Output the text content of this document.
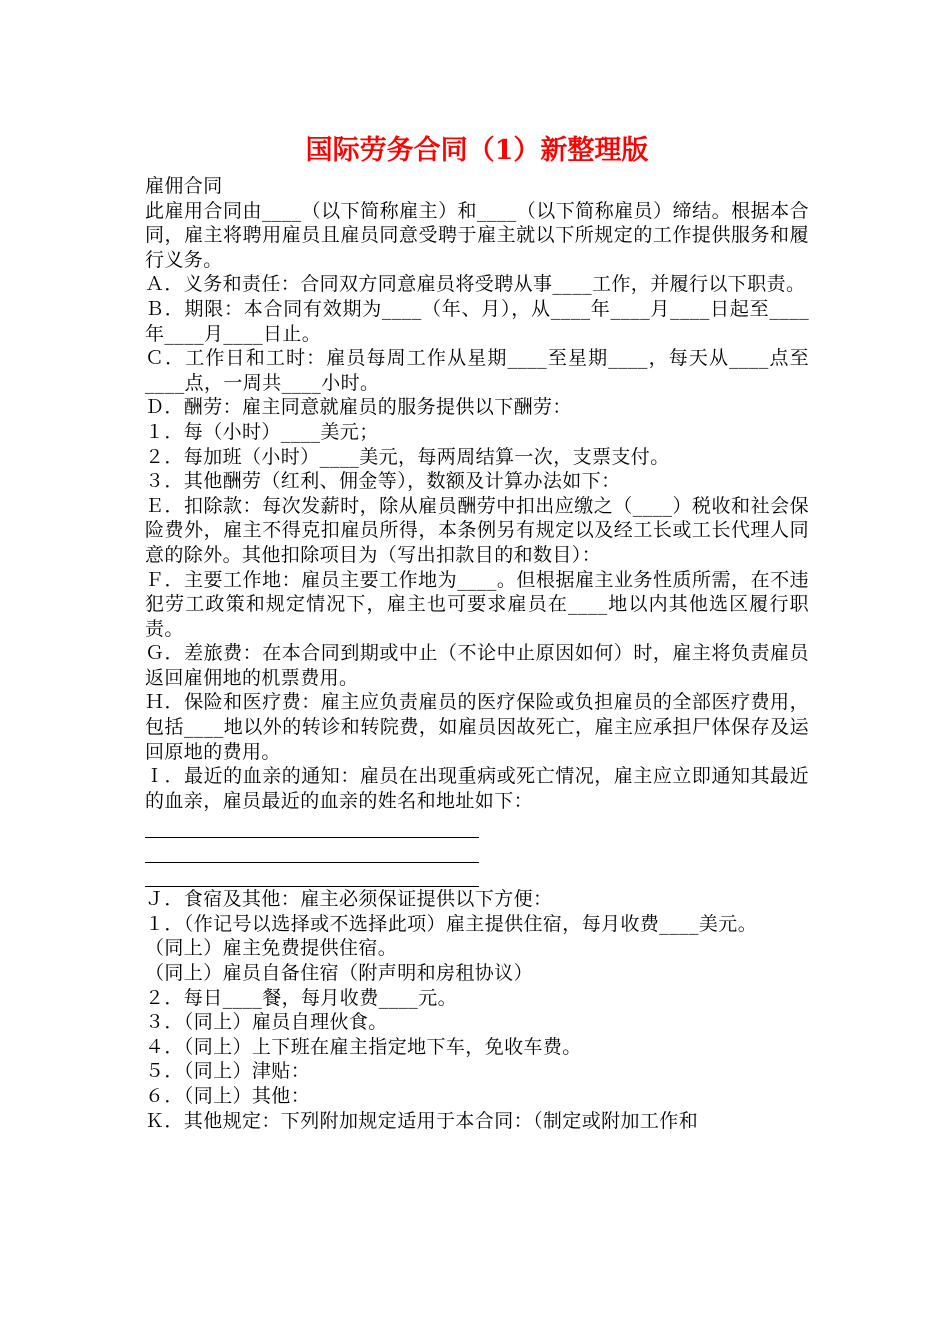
国际劳务合同（1）新整理版

雇佣合同

此雇用合同由____（以下简称雇主）和____（以下简称雇员）缔结。根据本合同，雇主将聘用雇员且雇员同意受聘于雇主就以下所规定的工作提供服务和履行义务。

Ａ．义务和责任：合同双方同意雇员将受聘从事____工作，并履行以下职责。

Ｂ．期限：本合同有效期为____（年、月），从____年____月____日起至____年____月____日止。

Ｃ．工作日和工时：雇员每周工作从星期____至星期____，每天从____点至____点，一周共____小时。

Ｄ．酬劳：雇主同意就雇员的服务提供以下酬劳：

１．每（小时）____美元；

２．每加班（小时）____美元，每两周结算一次，支票支付。

３．其他酬劳（红利、佣金等），数额及计算办法如下：

Ｅ．扣除款：每次发薪时，除从雇员酬劳中扣出应缴之（____）税收和社会保险费外，雇主不得克扣雇员所得，本条例另有规定以及经工长或工长代理人同意的除外。其他扣除项目为（写出扣款目的和数目）：

Ｆ．主要工作地：雇员主要工作地为____。但根据雇主业务性质所需，在不违犯劳工政策和规定情况下，雇主也可要求雇员在____地以内其他选区履行职责。

Ｇ．差旅费：在本合同到期或中止（不论中止原因如何）时，雇主将负责雇员返回雇佣地的机票费用。

Ｈ．保险和医疗费：雇主应负责雇员的医疗保险或负担雇员的全部医疗费用，包括____地以外的转诊和转院费，如雇员因故死亡，雇主应承担尸体保存及运回原地的费用。

Ｉ．最近的血亲的通知：雇员在出现重病或死亡情况，雇主应立即通知其最近的血亲，雇员最近的血亲的姓名和地址如下：

Ｊ．食宿及其他：雇主必须保证提供以下方便：

１．（作记号以选择或不选择此项）雇主提供住宿，每月收费____美元。

（同上）雇主免费提供住宿。

（同上）雇员自备住宿（附声明和房租协议）

２．每日____餐，每月收费____元。

３．（同上）雇员自理伙食。

４．（同上）上下班在雇主指定地下车，免收车费。

５．（同上）津贴：

６．（同上）其他：

Ｋ．其他规定：下列附加规定适用于本合同：（制定或附加工作和
